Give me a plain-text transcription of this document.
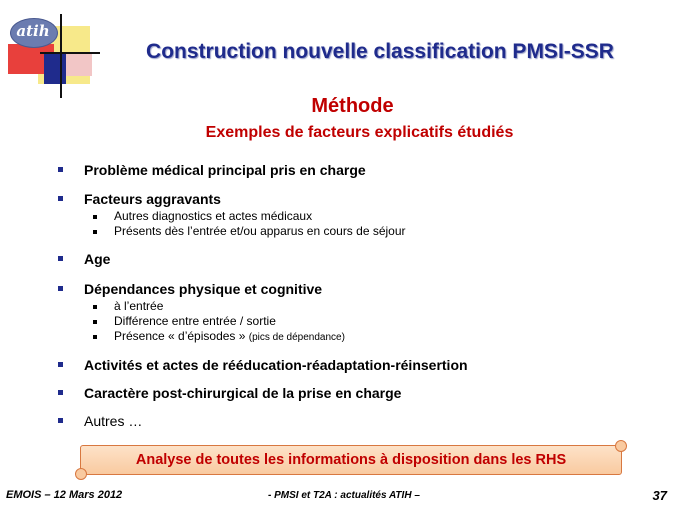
atih
Construction nouvelle classification PMSI-SSR
Méthode
Exemples de facteurs explicatifs étudiés
Problème médical principal pris en charge
Facteurs aggravants
Autres diagnostics et actes médicaux
Présents dès l’entrée et/ou apparus en cours de séjour
Age
Dépendances physique et cognitive
à l’entrée
Différence entre entrée / sortie
Présence « d’épisodes » (pics de dépendance)
Activités et actes de rééducation-réadaptation-réinsertion
Caractère post-chirurgical de la prise en charge
Autres …
Analyse de toutes les informations à disposition dans les RHS
EMOIS – 12 Mars 2012	- PMSI et T2A : actualités ATIH –	37
